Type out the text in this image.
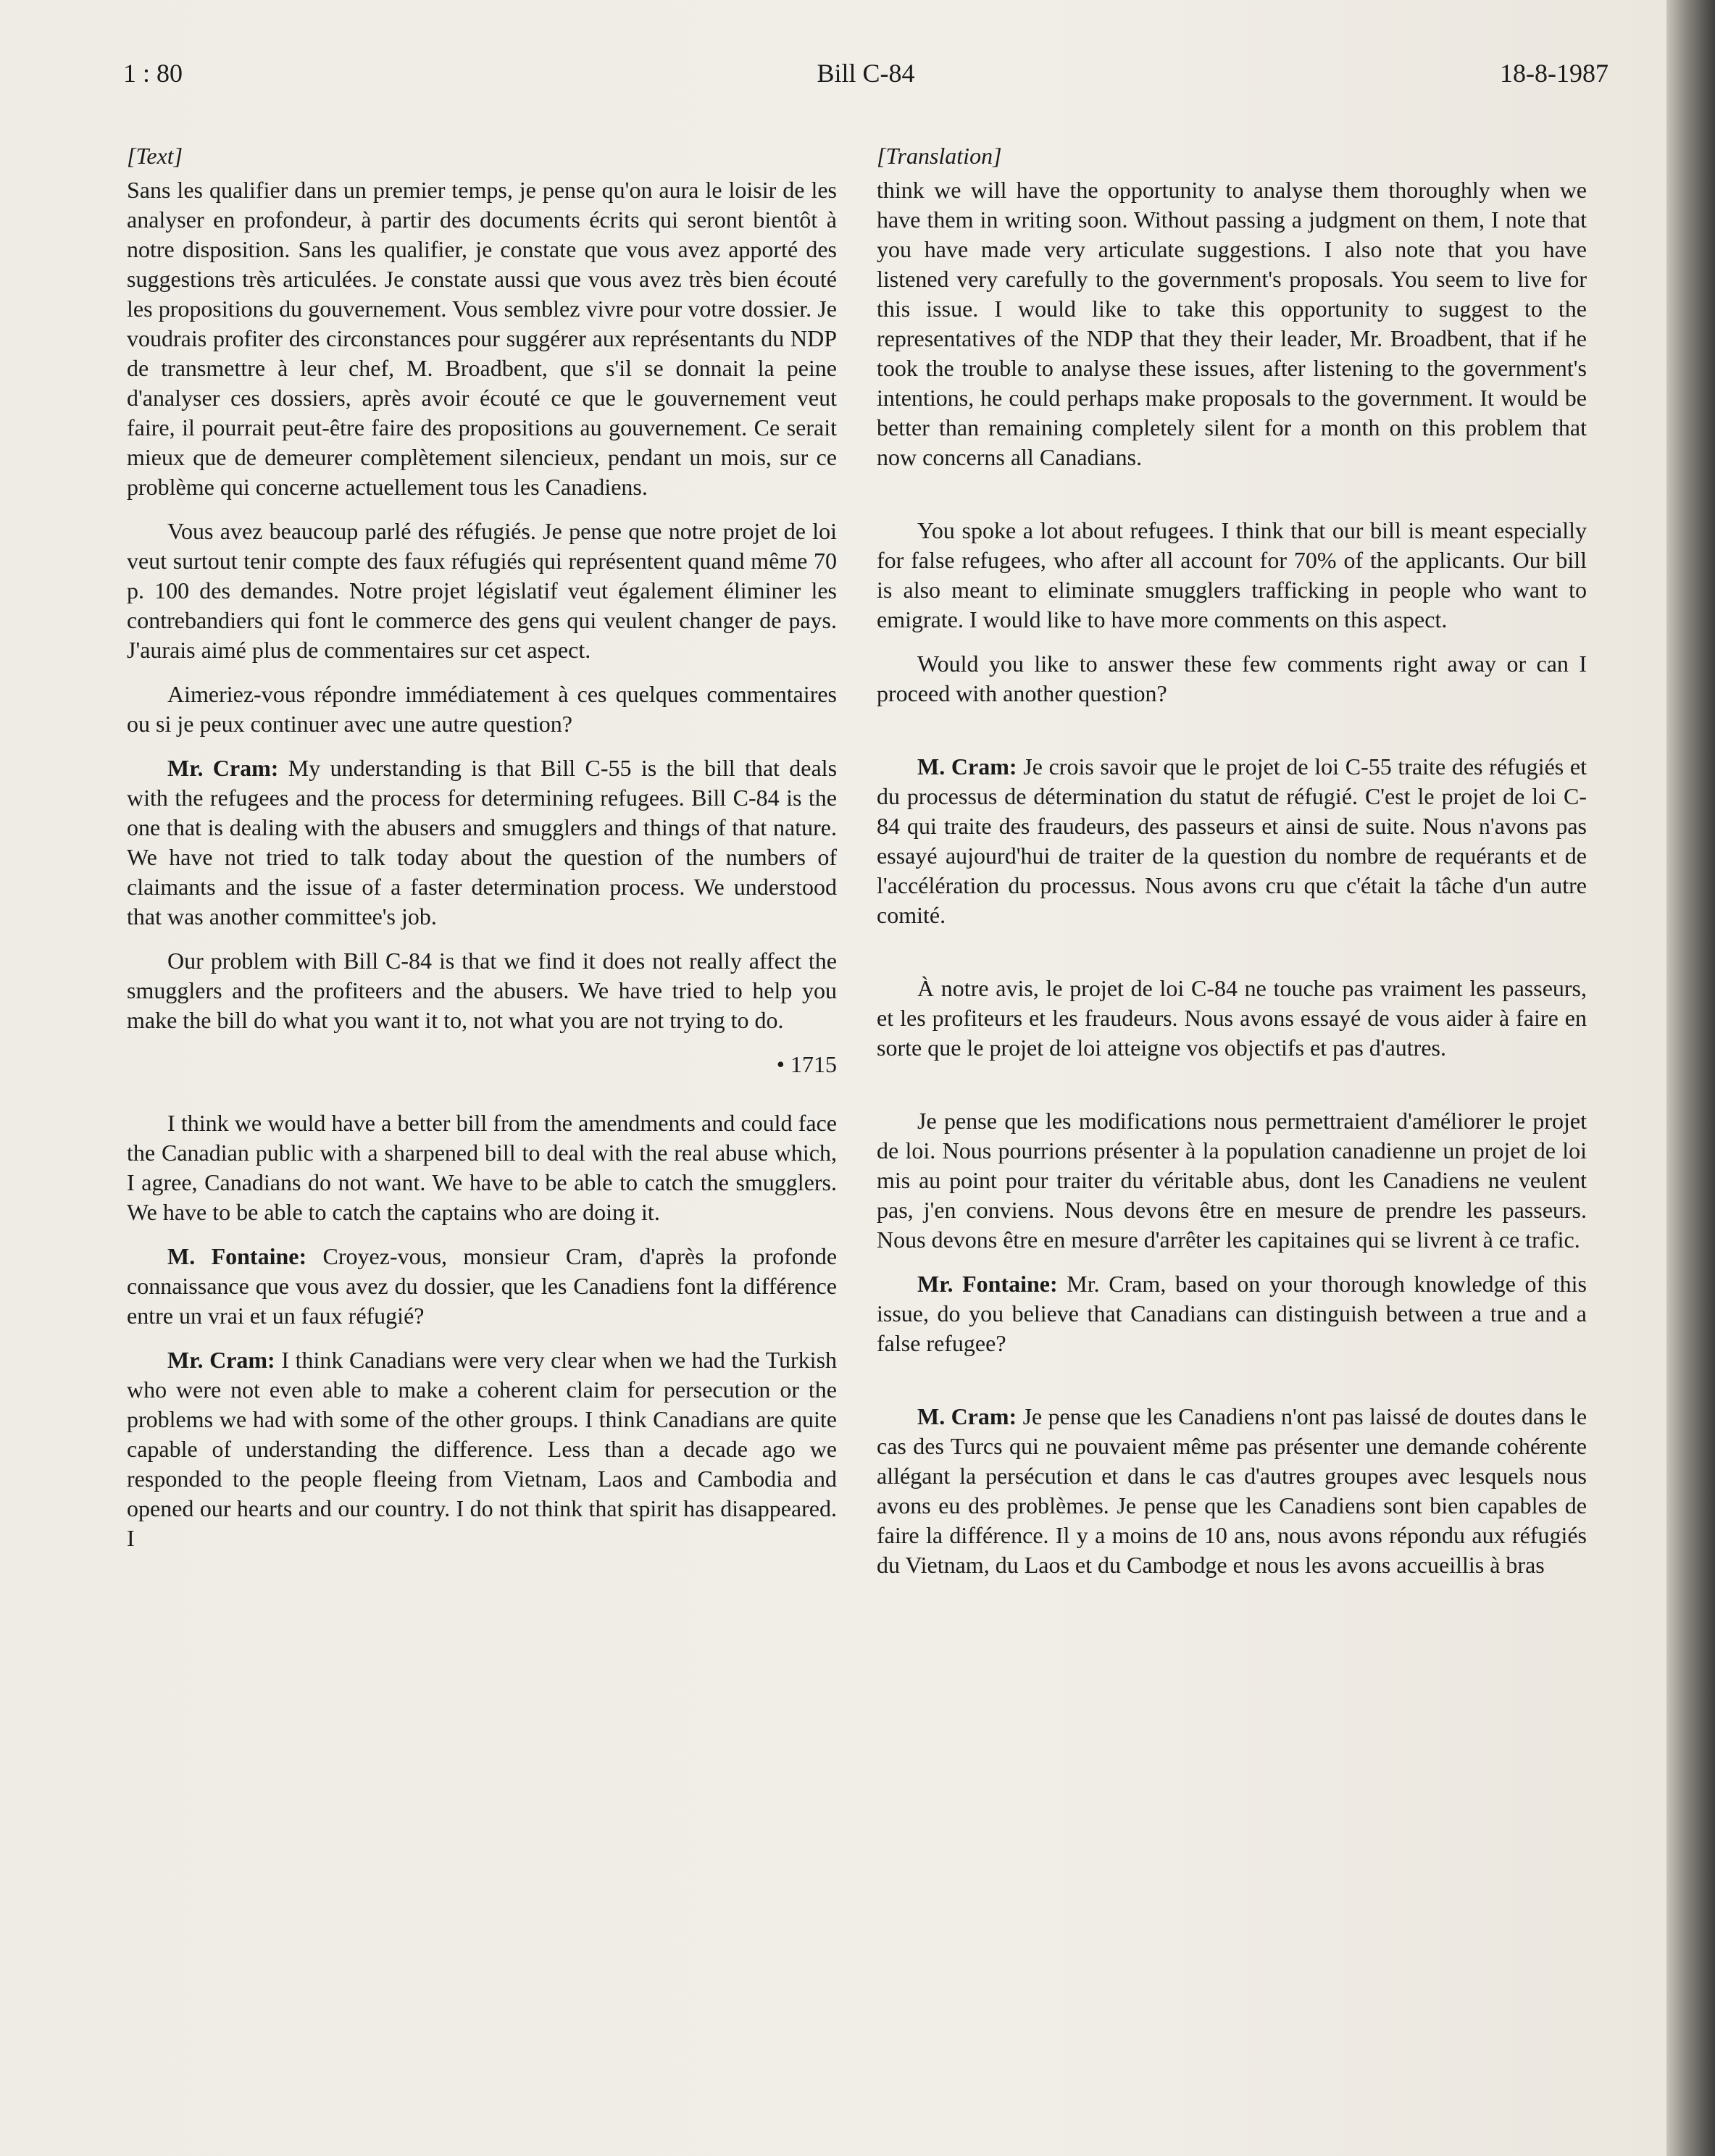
1 : 80	Bill C-84	18-8-1987
[Text]

Sans les qualifier dans un premier temps, je pense qu'on aura le loisir de les analyser en profondeur, à partir des documents écrits qui seront bientôt à notre disposition. Sans les qualifier, je constate que vous avez apporté des suggestions très articulées. Je constate aussi que vous avez très bien écouté les propositions du gouvernement. Vous semblez vivre pour votre dossier. Je voudrais profiter des circonstances pour suggérer aux représentants du NDP de transmettre à leur chef, M. Broadbent, que s'il se donnait la peine d'analyser ces dossiers, après avoir écouté ce que le gouvernement veut faire, il pourrait peut-être faire des propositions au gouvernement. Ce serait mieux que de demeurer complètement silencieux, pendant un mois, sur ce problème qui concerne actuellement tous les Canadiens.

Vous avez beaucoup parlé des réfugiés. Je pense que notre projet de loi veut surtout tenir compte des faux réfugiés qui représentent quand même 70 p. 100 des demandes. Notre projet législatif veut également éliminer les contrebandiers qui font le commerce des gens qui veulent changer de pays. J'aurais aimé plus de commentaires sur cet aspect.

Aimeriez-vous répondre immédiatement à ces quelques commentaires ou si je peux continuer avec une autre question?

Mr. Cram: My understanding is that Bill C-55 is the bill that deals with the refugees and the process for determining refugees. Bill C-84 is the one that is dealing with the abusers and smugglers and things of that nature. We have not tried to talk today about the question of the numbers of claimants and the issue of a faster determination process. We understood that was another committee's job.

Our problem with Bill C-84 is that we find it does not really affect the smugglers and the profiteers and the abusers. We have tried to help you make the bill do what you want it to, not what you are not trying to do.

• 1715

I think we would have a better bill from the amendments and could face the Canadian public with a sharpened bill to deal with the real abuse which, I agree, Canadians do not want. We have to be able to catch the smugglers. We have to be able to catch the captains who are doing it.

M. Fontaine: Croyez-vous, monsieur Cram, d'après la profonde connaissance que vous avez du dossier, que les Canadiens font la différence entre un vrai et un faux réfugié?

Mr. Cram: I think Canadians were very clear when we had the Turkish who were not even able to make a coherent claim for persecution or the problems we had with some of the other groups. I think Canadians are quite capable of understanding the difference. Less than a decade ago we responded to the people fleeing from Vietnam, Laos and Cambodia and opened our hearts and our country. I do not think that spirit has disappeared. I

[Translation]

think we will have the opportunity to analyse them thoroughly when we have them in writing soon. Without passing a judgment on them, I note that you have made very articulate suggestions. I also note that you have listened very carefully to the government's proposals. You seem to live for this issue. I would like to take this opportunity to suggest to the representatives of the NDP that they their leader, Mr. Broadbent, that if he took the trouble to analyse these issues, after listening to the government's intentions, he could perhaps make proposals to the government. It would be better than remaining completely silent for a month on this problem that now concerns all Canadians.

You spoke a lot about refugees. I think that our bill is meant especially for false refugees, who after all account for 70% of the applicants. Our bill is also meant to eliminate smugglers trafficking in people who want to emigrate. I would like to have more comments on this aspect.

Would you like to answer these few comments right away or can I proceed with another question?

M. Cram: Je crois savoir que le projet de loi C-55 traite des réfugiés et du processus de détermination du statut de réfugié. C'est le projet de loi C-84 qui traite des fraudeurs, des passeurs et ainsi de suite. Nous n'avons pas essayé aujourd'hui de traiter de la question du nombre de requérants et de l'accélération du processus. Nous avons cru que c'était la tâche d'un autre comité.

À notre avis, le projet de loi C-84 ne touche pas vraiment les passeurs, et les profiteurs et les fraudeurs. Nous avons essayé de vous aider à faire en sorte que le projet de loi atteigne vos objectifs et pas d'autres.

Je pense que les modifications nous permettraient d'améliorer le projet de loi. Nous pourrions présenter à la population canadienne un projet de loi mis au point pour traiter du véritable abus, dont les Canadiens ne veulent pas, j'en conviens. Nous devons être en mesure de prendre les passeurs. Nous devons être en mesure d'arrêter les capitaines qui se livrent à ce trafic.

Mr. Fontaine: Mr. Cram, based on your thorough knowledge of this issue, do you believe that Canadians can distinguish between a true and a false refugee?

M. Cram: Je pense que les Canadiens n'ont pas laissé de doutes dans le cas des Turcs qui ne pouvaient même pas présenter une demande cohérente allégant la persécution et dans le cas d'autres groupes avec lesquels nous avons eu des problèmes. Je pense que les Canadiens sont bien capables de faire la différence. Il y a moins de 10 ans, nous avons répondu aux réfugiés du Vietnam, du Laos et du Cambodge et nous les avons accueillis à bras
